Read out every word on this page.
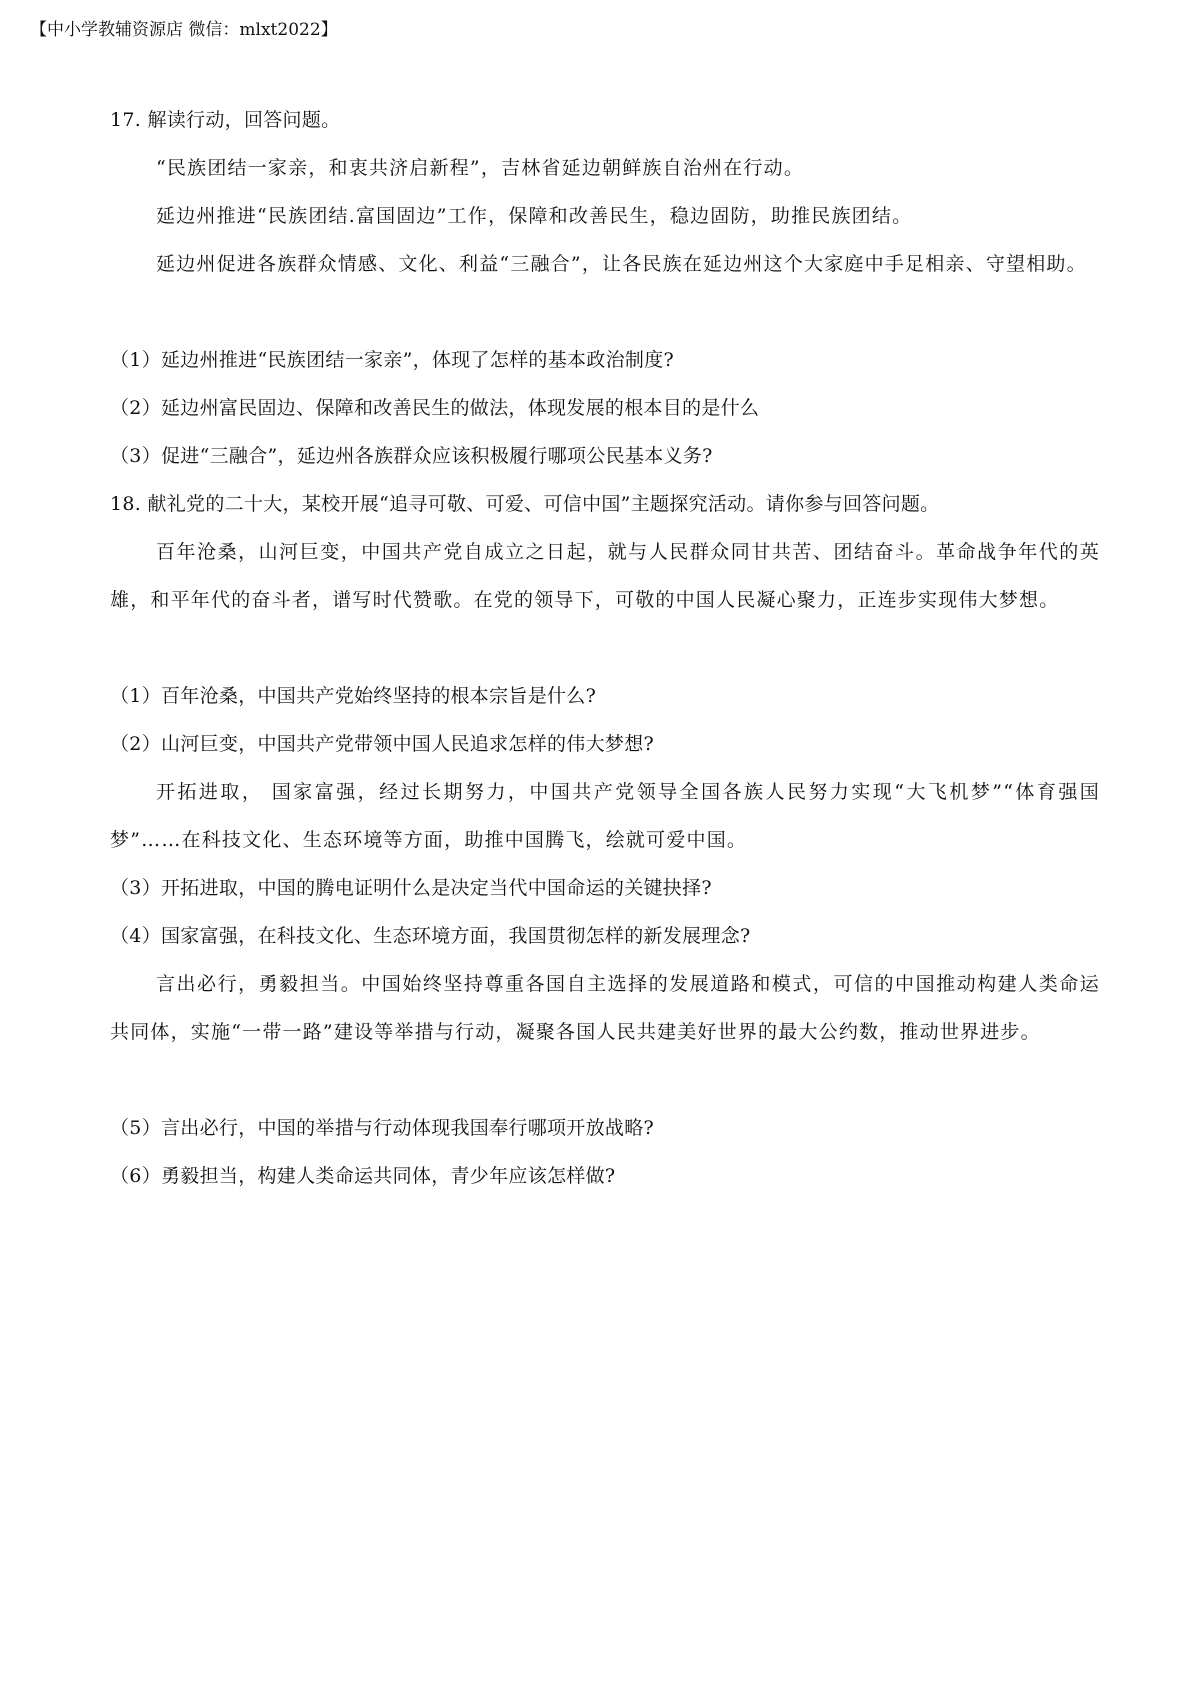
【中小学教辅资源店 微信：mlxt2022】
17. 解读行动，回答问题。
“民族团结一家亲，和衷共济启新程”，吉林省延边朝鲜族自治州在行动。
延边州推进“民族团结.富国固边”工作，保障和改善民生，稳边固防，助推民族团结。
延边州促进各族群众情感、文化、利益“三融合”，让各民族在延边州这个大家庭中手足相亲、守望相助。
（1）延边州推进“民族团结一家亲”，体现了怎样的基本政治制度?
（2）延边州富民固边、保障和改善民生的做法，体现发展的根本目的是什么
（3）促进“三融合”，延边州各族群众应该积极履行哪项公民基本义务?
18. 献礼党的二十大，某校开展“追寻可敬、可爱、可信中国”主题探究活动。请你参与回答问题。
百年沧桑，山河巨变，中国共产党自成立之日起，就与人民群众同甘共苦、团结奋斗。革命战争年代的英雄，和平年代的奋斗者，谱写时代赞歌。在党的领导下，可敬的中国人民凝心聚力，正连步实现伟大梦想。
（1）百年沧桑，中国共产党始终坚持的根本宗旨是什么?
（2）山河巨变，中国共产党带领中国人民追求怎样的伟大梦想?
开拓进取， 国家富强，经过长期努力，中国共产党领导全国各族人民努力实现“大飞机梦”“体育强国梦”……在科技文化、生态环境等方面，助推中国腾飞，绘就可爱中国。
（3）开拓进取，中国的腾电证明什么是决定当代中国命运的关键抉择?
（4）国家富强，在科技文化、生态环境方面，我国贯彻怎样的新发展理念?
言出必行，勇毅担当。中国始终坚持尊重各国自主选择的发展道路和模式，可信的中国推动构建人类命运共同体，实施“一带一路”建设等举措与行动，凝聚各国人民共建美好世界的最大公约数，推动世界进步。
（5）言出必行，中国的举措与行动体现我国奉行哪项开放战略?
（6）勇毅担当，构建人类命运共同体，青少年应该怎样做?
